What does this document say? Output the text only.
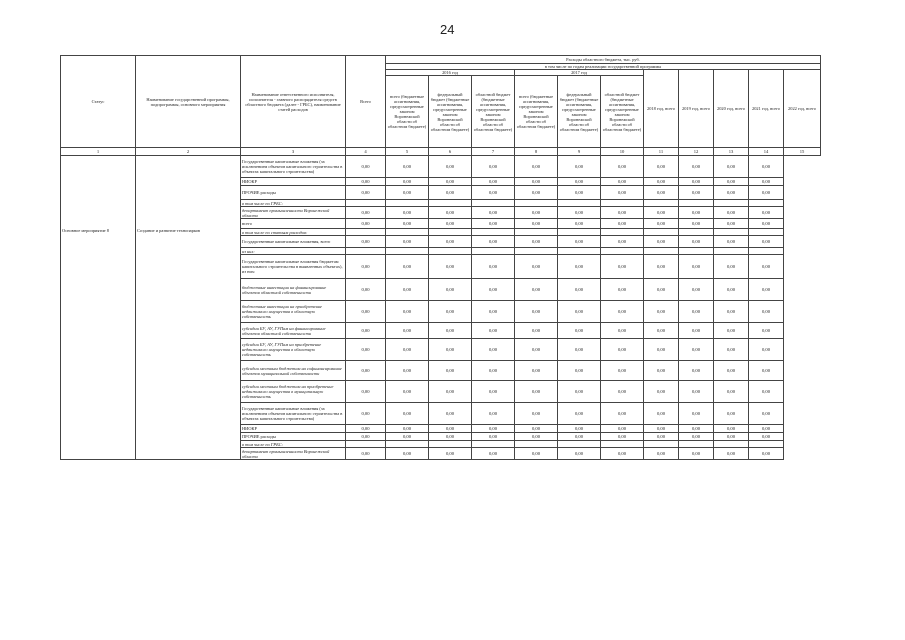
24
Статус	Наименование государственной программы, подпрограммы, основного мероприятия	Наименование ответственного исполнителя, исполнителя - главного распорядителя средств областного бюджета (далее - ГРБС), наименование статей расходов	Всего	Расходы областного бюджета, тыс. руб.										
				в том числе по годам реализации государственной программы										
				2016 год			2017 год			2018 год, всего	2019 год, всего	2020 год, всего	2021 год, всего	2022 год, всего
				всего (бюджетные ассигнования, предусмотренные законом Воронежской области об областном бюджете)	федеральный бюджет (бюджетные ассигнования, предусмотренные законом Воронежской области об областном бюджете)	областной бюджет (бюджетные ассигнования, предусмотренные законом Воронежской области об областном бюджете)	всего (бюджетные ассигнования, предусмотренные законом Воронежской области об областном бюджете)	федеральный бюджет (бюджетные ассигнования, предусмотренные законом Воронежской области об областном бюджете)	областной бюджет (бюджетные ассигнования, предусмотренные законом Воронежской области об областном бюджете)					
1	2	3	4	5	6	7	8	9	10	11	12	13	14	15
Основное мероприятие 8	Создание и развитие технопарков	Государственные капитальные вложения (за исключением объектов капитального строительства в объектах капитального строительства)	0,00	0,00	0,00	0,00	0,00	0,00	0,00	0,00	0,00	0,00	0,00	
		НИОКР	0,00	0,00	0,00	0,00	0,00	0,00	0,00	0,00	0,00	0,00	0,00	
		ПРОЧИЕ расходы	0,00	0,00	0,00	0,00	0,00	0,00	0,00	0,00	0,00	0,00	0,00	
		в том числе по ГРБС:												
		департамент промышленности Воронежской области	0,00	0,00	0,00	0,00	0,00	0,00	0,00	0,00	0,00	0,00	0,00	
		всего	0,00	0,00	0,00	0,00	0,00	0,00	0,00	0,00	0,00	0,00	0,00	
		в том числе по статьям расходов:												
		Государственные капитальные вложения, всего	0,00	0,00	0,00	0,00	0,00	0,00	0,00	0,00	0,00	0,00	0,00	
		из них:												
		Государственные капитальные вложения бюджетам капитального строительства в выявленных объектах), из них:	0,00	0,00	0,00	0,00	0,00	0,00	0,00	0,00	0,00	0,00	0,00	
		бюджетные инвестиции на финансирование объектов областной собственности	0,00	0,00	0,00	0,00	0,00	0,00	0,00	0,00	0,00	0,00	0,00	
		бюджетные инвестиции на приобретение недвижимого имущества в областную собственность	0,00	0,00	0,00	0,00	0,00	0,00	0,00	0,00	0,00	0,00	0,00	
		субсидии БУ, АУ, ГУПам на финансирование объектов областной собственности	0,00	0,00	0,00	0,00	0,00	0,00	0,00	0,00	0,00	0,00	0,00	
		субсидии БУ, АУ, ГУПам на приобретение недвижимого имущества в областную собственность	0,00	0,00	0,00	0,00	0,00	0,00	0,00	0,00	0,00	0,00	0,00	
		субсидии местным бюджетам на софинансирование объектов муниципальной собственности	0,00	0,00	0,00	0,00	0,00	0,00	0,00	0,00	0,00	0,00	0,00	
		субсидии местным бюджетам на приобретение недвижимого имущества в муниципальную собственность	0,00	0,00	0,00	0,00	0,00	0,00	0,00	0,00	0,00	0,00	0,00	
		Государственные капитальные вложения (за исключением объектов капитального строительства в объектах капитального строительства)	0,00	0,00	0,00	0,00	0,00	0,00	0,00	0,00	0,00	0,00	0,00	
		НИОКР	0,00	0,00	0,00	0,00	0,00	0,00	0,00	0,00	0,00	0,00	0,00	
		ПРОЧИЕ расходы	0,00	0,00	0,00	0,00	0,00	0,00	0,00	0,00	0,00	0,00	0,00	
		в том числе по ГРБС:												
		департамент промышленности Воронежской области	0,00	0,00	0,00	0,00	0,00	0,00	0,00	0,00	0,00	0,00	0,00	
